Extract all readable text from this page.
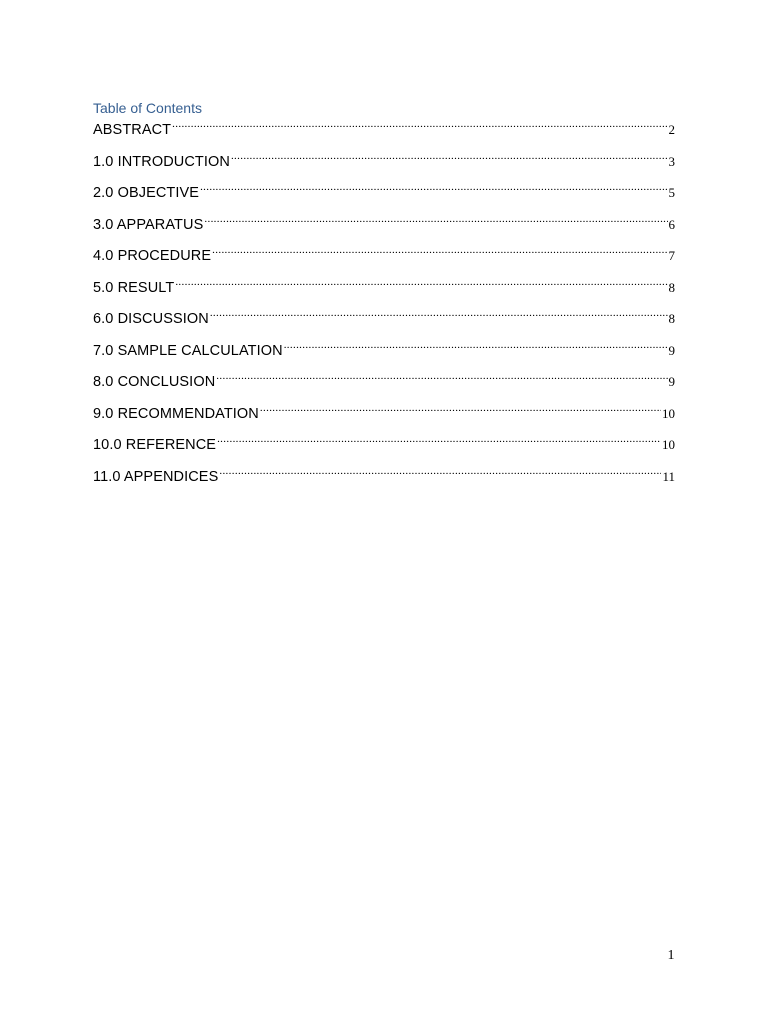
Table of Contents
ABSTRACT .....	2
1.0 INTRODUCTION .....	3
2.0 OBJECTIVE .....	5
3.0 APPARATUS .....	6
4.0 PROCEDURE .....	7
5.0 RESULT .....	8
6.0 DISCUSSION .....	8
7.0 SAMPLE CALCULATION .....	9
8.0 CONCLUSION .....	9
9.0 RECOMMENDATION .....	10
10.0 REFERENCE .....	10
11.0 APPENDICES .....	11
1
